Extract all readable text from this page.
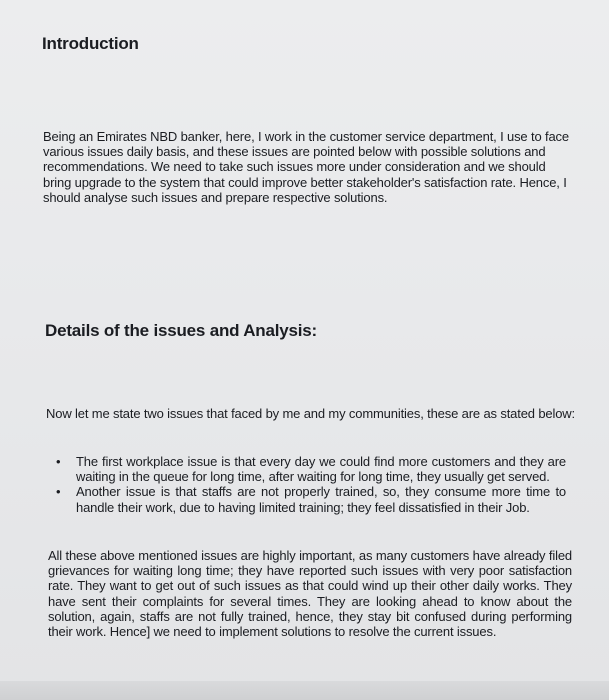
Introduction

Being an Emirates NBD banker, here, I work in the customer service department, I use to face various issues daily basis, and these issues are pointed below with possible solutions and recommendations. We need to take such issues more under consideration and we should bring upgrade to the system that could improve better stakeholder's satisfaction rate. Hence, I should analyse such issues and prepare respective solutions.

Details of the issues and Analysis:

Now let me state two issues that faced by me and my communities, these are as stated below:

• The first workplace issue is that every day we could find more customers and they are waiting in the queue for long time, after waiting for long time, they usually get served.
• Another issue is that staffs are not properly trained, so, they consume more time to handle their work, due to having limited training; they feel dissatisfied in their Job.

All these above mentioned issues are highly important, as many customers have already filed grievances for waiting long time; they have reported such issues with very poor satisfaction rate. They want to get out of such issues as that could wind up their other daily works. They have sent their complaints for several times. They are looking ahead to know about the solution, again, staffs are not fully trained, hence, they stay bit confused during performing their work. Hence] we need to implement solutions to resolve the current issues.
